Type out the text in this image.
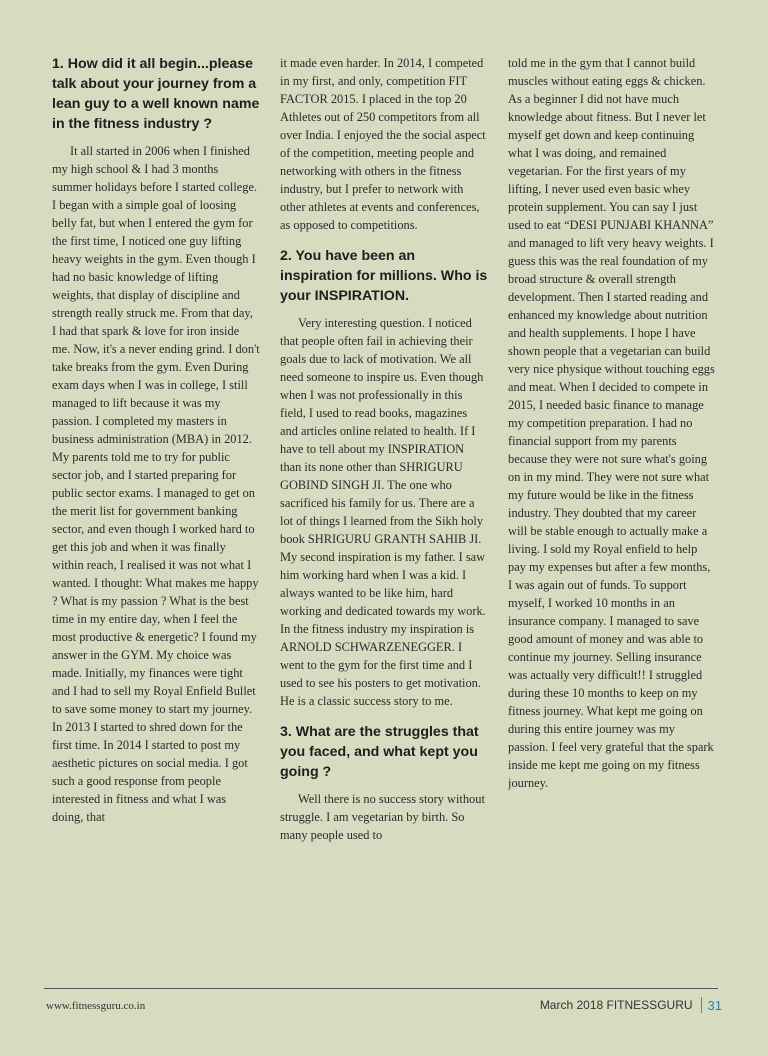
1. How did it all begin...please talk about your journey from a lean guy to a well known name in the fitness industry ?

It all started in 2006 when I finished my high school & I had 3 months summer holidays before I started college. I began with a simple goal of loosing belly fat, but when I entered the gym for the first time, I noticed one guy lifting heavy weights in the gym. Even though I had no basic knowledge of lifting weights, that display of discipline and strength really struck me. From that day, I had that spark & love for iron inside me. Now, it's a never ending grind. I don't take breaks from the gym. Even During exam days when I was in college, I still managed to lift because it was my passion. I completed my masters in business administration (MBA) in 2012. My parents told me to try for public sector job, and I started preparing for public sector exams. I managed to get on the merit list for government banking sector, and even though I worked hard to get this job and when it was finally within reach, I realised it was not what I wanted. I thought: What makes me happy ? What is my passion ? What is the best time in my entire day, when I feel the most productive & energetic? I found my answer in the GYM. My choice was made. Initially, my finances were tight and I had to sell my Royal Enfield Bullet to save some money to start my journey. In 2013 I started to shred down for the first time. In 2014 I started to post my aesthetic pictures on social media. I got such a good response from people interested in fitness and what I was doing, that

it made even harder. In 2014, I competed in my first, and only, competition FIT FACTOR 2015. I placed in the top 20 Athletes out of 250 competitors from all over India. I enjoyed the the social aspect of the competition, meeting people and networking with others in the fitness industry, but I prefer to network with other athletes at events and conferences, as opposed to competitions.

2. You have been an inspiration for millions. Who is your INSPIRATION.

Very interesting question. I noticed that people often fail in achieving their goals due to lack of motivation. We all need someone to inspire us. Even though when I was not professionally in this field, I used to read books, magazines and articles online related to health. If I have to tell about my INSPIRATION than its none other than SHRIGURU GOBIND SINGH JI. The one who sacrificed his family for us. There are a lot of things I learned from the Sikh holy book SHRIGURU GRANTH SAHIB JI. My second inspiration is my father. I saw him working hard when I was a kid. I always wanted to be like him, hard working and dedicated towards my work. In the fitness industry my inspiration is ARNOLD SCHWARZENEGGER. I went to the gym for the first time and I used to see his posters to get motivation. He is a classic success story to me.

3. What are the struggles that you faced, and what kept you going ?

Well there is no success story without struggle. I am vegetarian by birth. So many people used to

told me in the gym that I cannot build muscles without eating eggs & chicken. As a beginner I did not have much knowledge about fitness. But I never let myself get down and keep continuing what I was doing, and remained vegetarian. For the first years of my lifting, I never used even basic whey protein supplement. You can say I just used to eat “DESI PUNJABI KHANNA” and managed to lift very heavy weights. I guess this was the real foundation of my broad structure & overall strength development. Then I started reading and enhanced my knowledge about nutrition and health supplements. I hope I have shown people that a vegetarian can build very nice physique without touching eggs and meat. When I decided to compete in 2015, I needed basic finance to manage my competition preparation. I had no financial support from my parents because they were not sure what's going on in my mind. They were not sure what my future would be like in the fitness industry. They doubted that my career will be stable enough to actually make a living. I sold my Royal enfield to help pay my expenses but after a few months, I was again out of funds. To support myself, I worked 10 months in an insurance company. I managed to save good amount of money and was able to continue my journey. Selling insurance was actually very difficult!! I struggled during these 10 months to keep on my fitness journey. What kept me going on during this entire journey was my passion. I feel very grateful that the spark inside me kept me going on my fitness journey.

www.fitnessguru.co.in	March 2018 FITNESSGURU 31
